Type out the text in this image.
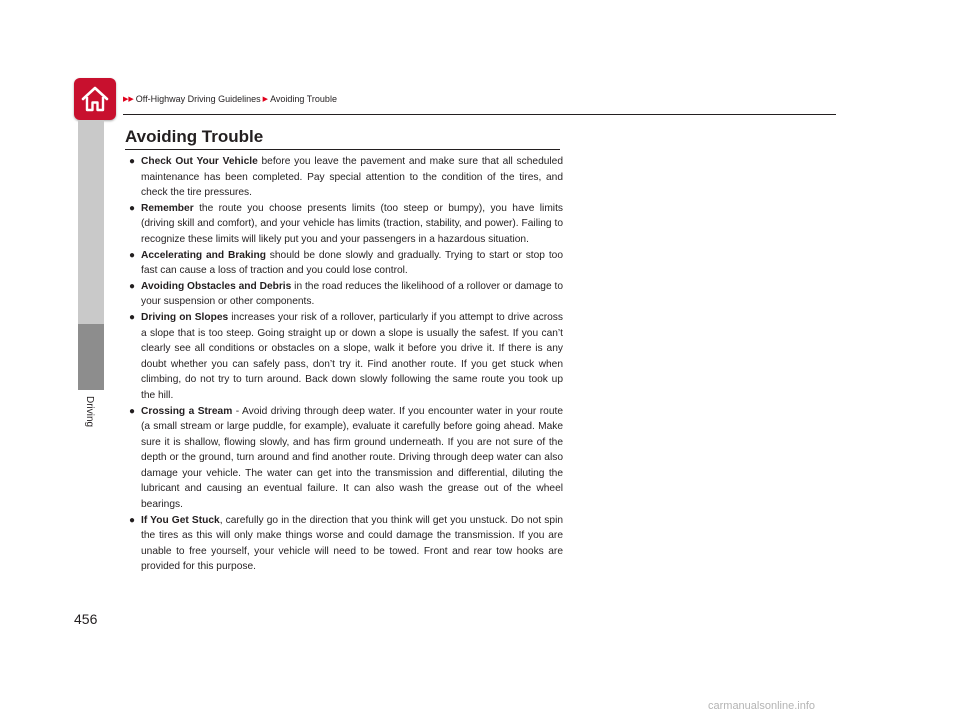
▶▶ Off-Highway Driving Guidelines ▶ Avoiding Trouble
Driving
Avoiding Trouble
● Check Out Your Vehicle before you leave the pavement and make sure that all scheduled maintenance has been completed. Pay special attention to the condition of the tires, and check the tire pressures.
● Remember the route you choose presents limits (too steep or bumpy), you have limits (driving skill and comfort), and your vehicle has limits (traction, stability, and power). Failing to recognize these limits will likely put you and your passengers in a hazardous situation.
● Accelerating and Braking should be done slowly and gradually. Trying to start or stop too fast can cause a loss of traction and you could lose control.
● Avoiding Obstacles and Debris in the road reduces the likelihood of a rollover or damage to your suspension or other components.
● Driving on Slopes increases your risk of a rollover, particularly if you attempt to drive across a slope that is too steep. Going straight up or down a slope is usually the safest. If you can’t clearly see all conditions or obstacles on a slope, walk it before you drive it. If there is any doubt whether you can safely pass, don’t try it. Find another route. If you get stuck when climbing, do not try to turn around. Back down slowly following the same route you took up the hill.
● Crossing a Stream - Avoid driving through deep water. If you encounter water in your route (a small stream or large puddle, for example), evaluate it carefully before going ahead. Make sure it is shallow, flowing slowly, and has firm ground underneath. If you are not sure of the depth or the ground, turn around and find another route. Driving through deep water can also damage your vehicle. The water can get into the transmission and differential, diluting the lubricant and causing an eventual failure. It can also wash the grease out of the wheel bearings.
● If You Get Stuck, carefully go in the direction that you think will get you unstuck. Do not spin the tires as this will only make things worse and could damage the transmission. If you are unable to free yourself, your vehicle will need to be towed. Front and rear tow hooks are provided for this purpose.
456
carmanualsonline.info
